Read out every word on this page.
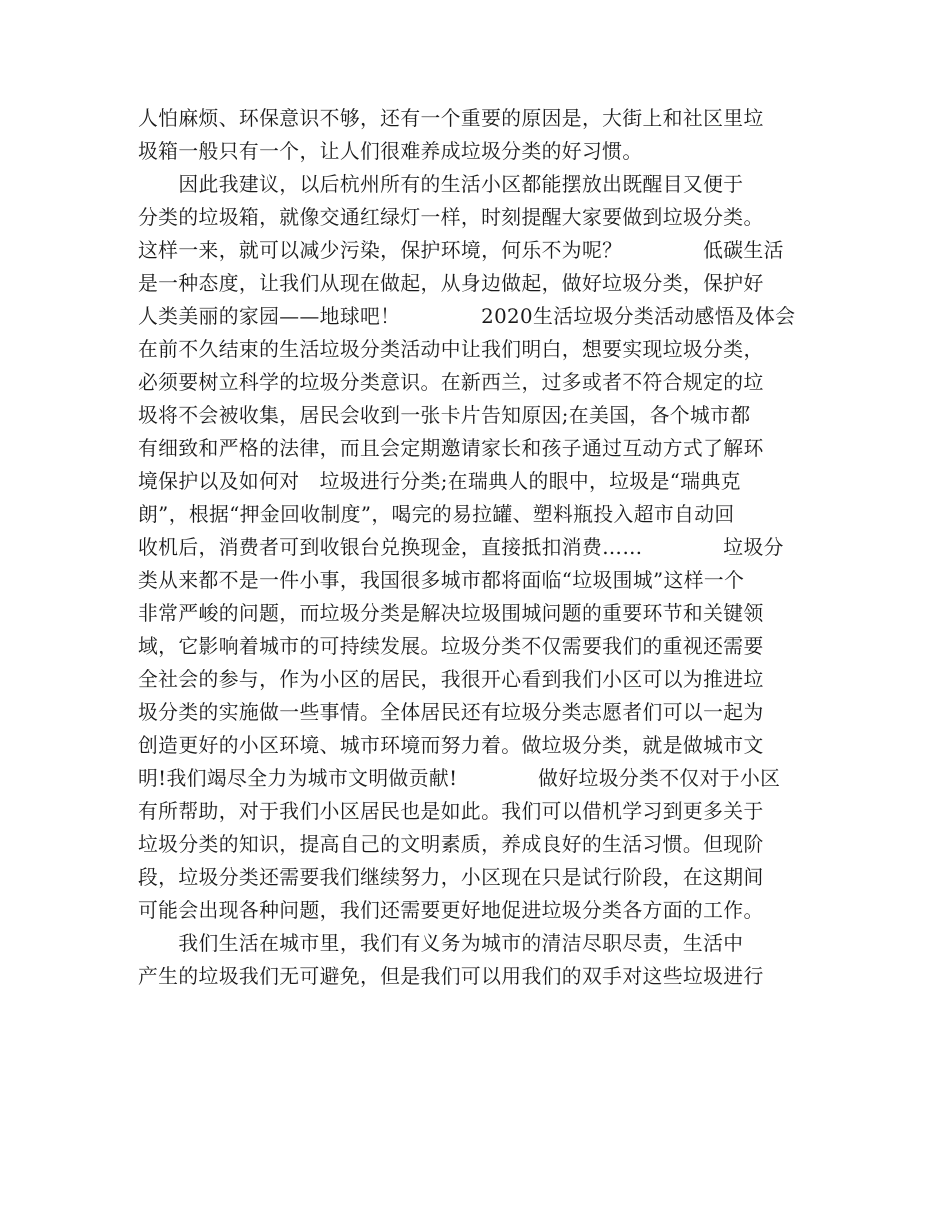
人怕麻烦、环保意识不够，还有一个重要的原因是，大街上和社区里垃
圾箱一般只有一个，让人们很难养成垃圾分类的好习惯。
　　因此我建议，以后杭州所有的生活小区都能摆放出既醒目又便于
分类的垃圾箱，就像交通红绿灯一样，时刻提醒大家要做到垃圾分类。
这样一来，就可以减少污染，保护环境，何乐不为呢？　　　　低碳生活
是一种态度，让我们从现在做起，从身边做起，做好垃圾分类，保护好
人类美丽的家园——地球吧！　　　　2020生活垃圾分类活动感悟及体会
在前不久结束的生活垃圾分类活动中让我们明白，想要实现垃圾分类，
必须要树立科学的垃圾分类意识。在新西兰，过多或者不符合规定的垃
圾将不会被收集，居民会收到一张卡片告知原因;在美国，各个城市都
有细致和严格的法律，而且会定期邀请家长和孩子通过互动方式了解环
境保护以及如何对　垃圾进行分类;在瑞典人的眼中，垃圾是“瑞典克
朗”，根据“押金回收制度”，喝完的易拉罐、塑料瓶投入超市自动回
收机后，消费者可到收银台兑换现金，直接抵扣消费……　　　　垃圾分
类从来都不是一件小事，我国很多城市都将面临“垃圾围城”这样一个
非常严峻的问题，而垃圾分类是解决垃圾围城问题的重要环节和关键领
域，它影响着城市的可持续发展。垃圾分类不仅需要我们的重视还需要
全社会的参与，作为小区的居民，我很开心看到我们小区可以为推进垃
圾分类的实施做一些事情。全体居民还有垃圾分类志愿者们可以一起为
创造更好的小区环境、城市环境而努力着。做垃圾分类，就是做城市文
明!我们竭尽全力为城市文明做贡献!　　　　做好垃圾分类不仅对于小区
有所帮助，对于我们小区居民也是如此。我们可以借机学习到更多关于
垃圾分类的知识，提高自己的文明素质，养成良好的生活习惯。但现阶
段，垃圾分类还需要我们继续努力，小区现在只是试行阶段，在这期间
可能会出现各种问题，我们还需要更好地促进垃圾分类各方面的工作。
　　我们生活在城市里，我们有义务为城市的清洁尽职尽责，生活中
产生的垃圾我们无可避免，但是我们可以用我们的双手对这些垃圾进行
